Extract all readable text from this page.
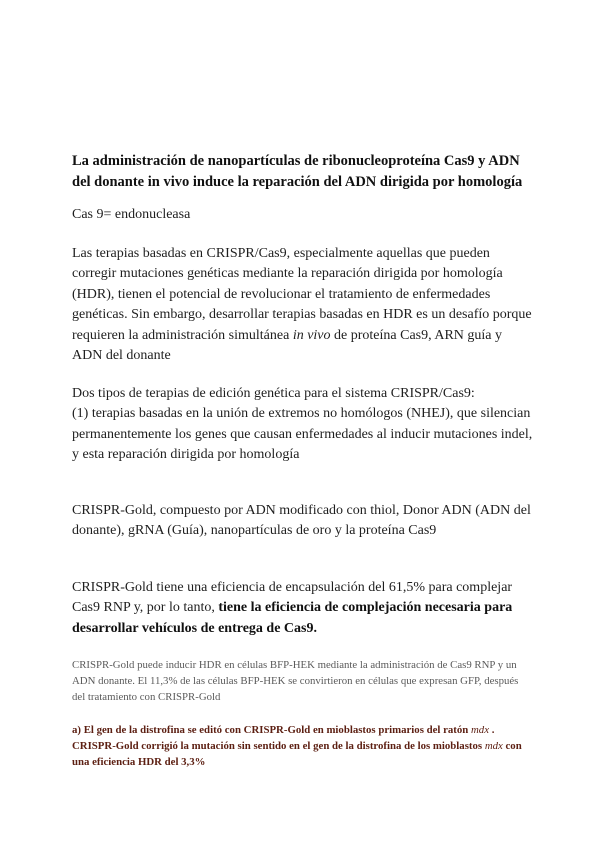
La administración de nanopartículas de ribonucleoproteína Cas9 y ADN del donante in vivo induce la reparación del ADN dirigida por homología

Cas 9= endonucleasa

Las terapias basadas en CRISPR/Cas9, especialmente aquellas que pueden corregir mutaciones genéticas mediante la reparación dirigida por homología (HDR), tienen el potencial de revolucionar el tratamiento de enfermedades genéticas. Sin embargo, desarrollar terapias basadas en HDR es un desafío porque requieren la administración simultánea in vivo de proteína Cas9, ARN guía y ADN del donante

Dos tipos de terapias de edición genética para el sistema CRISPR/Cas9:
(1) terapias basadas en la unión de extremos no homólogos (NHEJ), que silencian permanentemente los genes que causan enfermedades al inducir mutaciones indel, y esta reparación dirigida por homología

CRISPR-Gold, compuesto por ADN modificado con thiol, Donor ADN (ADN del donante), gRNA (Guía), nanopartículas de oro y la proteína Cas9

CRISPR-Gold tiene una eficiencia de encapsulación del 61,5% para complejar Cas9 RNP y, por lo tanto, tiene la eficiencia de complejación necesaria para desarrollar vehículos de entrega de Cas9.

CRISPR-Gold puede inducir HDR en células BFP-HEK mediante la administración de Cas9 RNP y un ADN donante. El 11,3% de las células BFP-HEK se convirtieron en células que expresan GFP, después del tratamiento con CRISPR-Gold

a) El gen de la distrofina se editó con CRISPR-Gold en mioblastos primarios del ratón mdx . CRISPR-Gold corrigió la mutación sin sentido en el gen de la distrofina de los mioblastos mdx con una eficiencia HDR del 3,3%
